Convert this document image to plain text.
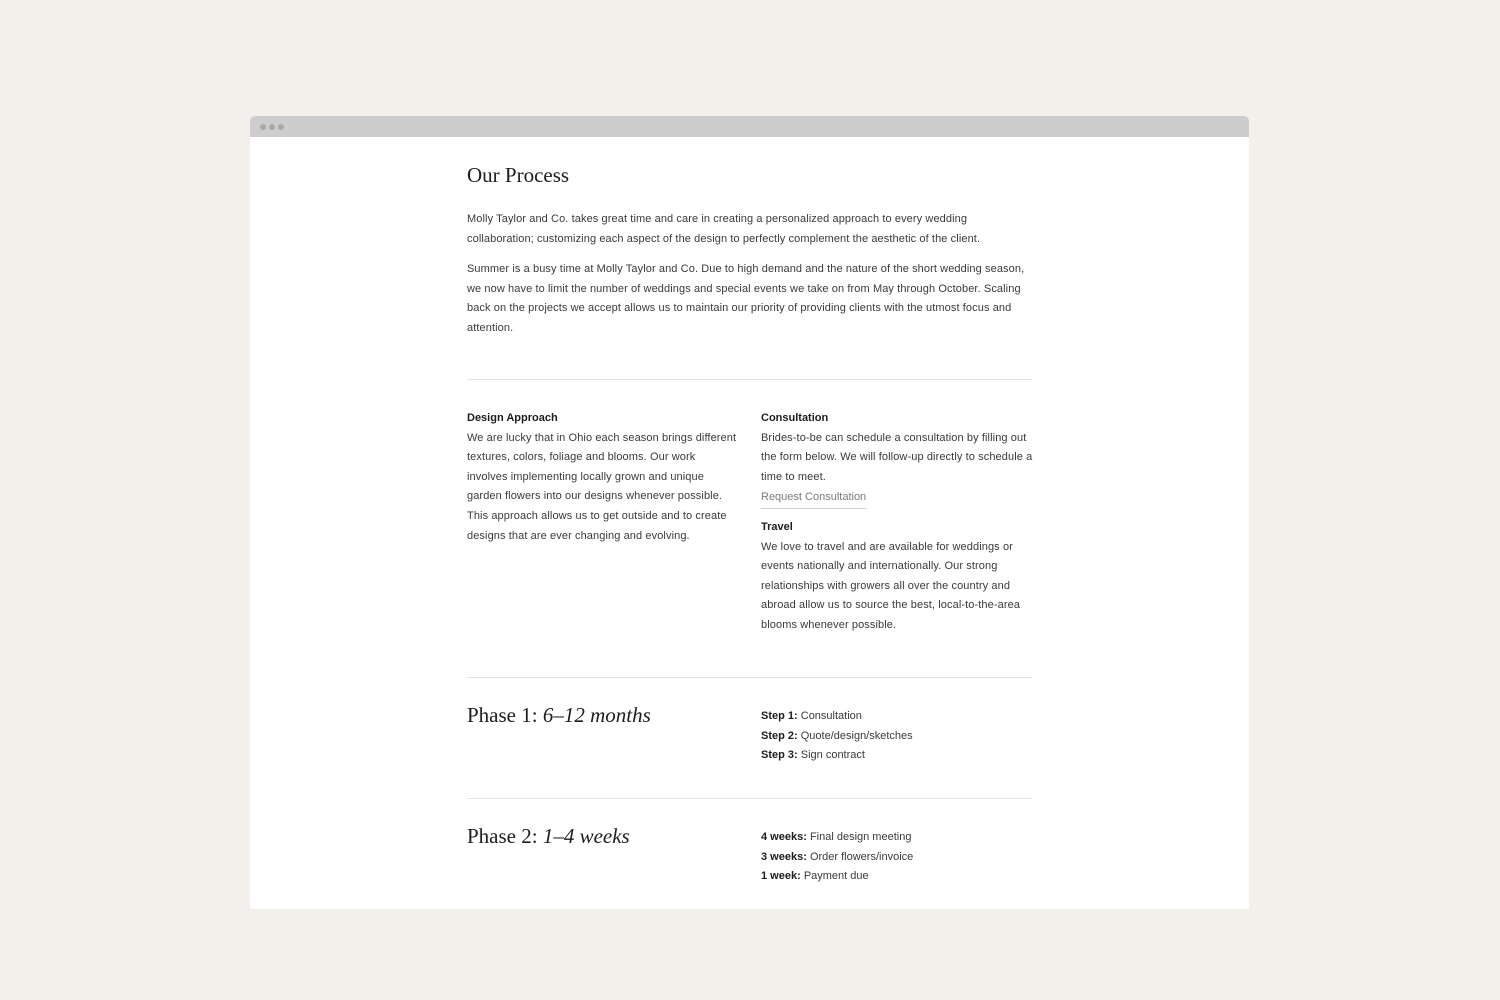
Our Process

Molly Taylor and Co. takes great time and care in creating a personalized approach to every wedding collaboration; customizing each aspect of the design to perfectly complement the aesthetic of the client.

Summer is a busy time at Molly Taylor and Co. Due to high demand and the nature of the short wedding season, we now have to limit the number of weddings and special events we take on from May through October. Scaling back on the projects we accept allows us to maintain our priority of providing clients with the utmost focus and attention.

Design Approach

We are lucky that in Ohio each season brings different textures, colors, foliage and blooms. Our work involves implementing locally grown and unique garden flowers into our designs whenever possible. This approach allows us to get outside and to create designs that are ever changing and evolving.

Consultation

Brides-to-be can schedule a consultation by filling out the form below. We will follow-up directly to schedule a time to meet.

Request Consultation
Travel

We love to travel and are available for weddings or events nationally and internationally. Our strong relationships with growers all over the country and abroad allow us to source the best, local-to-the-area blooms whenever possible.

Phase 1: 6–12 months	Step 1: Consultation
Step 2: Quote/design/sketches
Step 3: Sign contract
Phase 2: 1–4 weeks	4 weeks: Final design meeting
3 weeks: Order flowers/invoice
1 week: Payment due
